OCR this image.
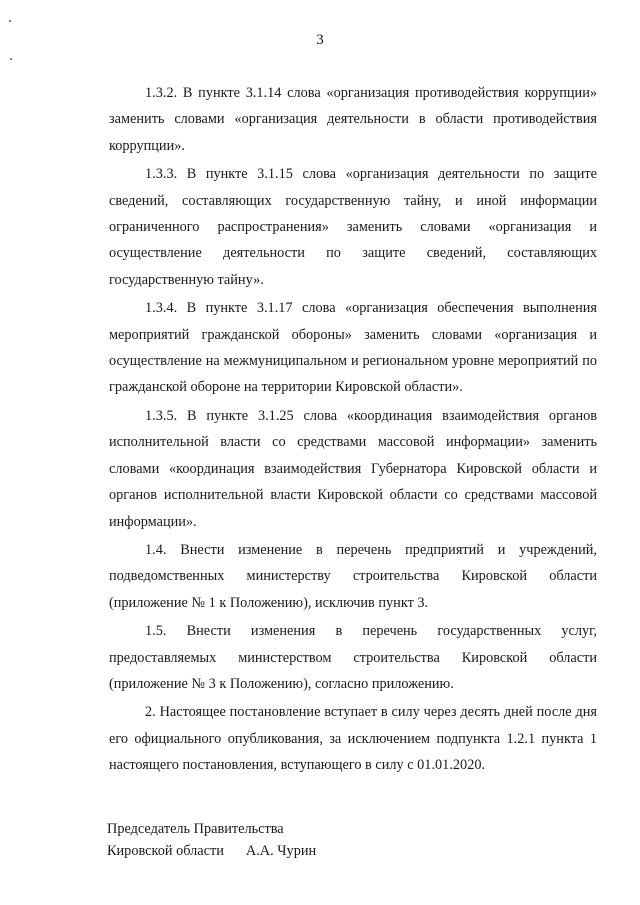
3

1.3.2. В пункте 3.1.14 слова «организация противодействия коррупции» заменить словами «организация деятельности в области противодействия коррупции».

1.3.3. В пункте 3.1.15 слова «организация деятельности по защите сведений, составляющих государственную тайну, и иной информации ограниченного распространения» заменить словами «организация и осуществление деятельности по защите сведений, составляющих государственную тайну».

1.3.4. В пункте 3.1.17 слова «организация обеспечения выполнения мероприятий гражданской обороны» заменить словами «организация и осуществление на межмуниципальном и региональном уровне мероприятий по гражданской обороне на территории Кировской области».

1.3.5. В пункте 3.1.25 слова «координация взаимодействия органов исполнительной власти со средствами массовой информации» заменить словами «координация взаимодействия Губернатора Кировской области и органов исполнительной власти Кировской области со средствами массовой информации».

1.4. Внести изменение в перечень предприятий и учреждений, подведомственных министерству строительства Кировской области (приложение № 1 к Положению), исключив пункт 3.

1.5. Внести изменения в перечень государственных услуг, предоставляемых министерством строительства Кировской области (приложение № 3 к Положению), согласно приложению.

2. Настоящее постановление вступает в силу через десять дней после дня его официального опубликования, за исключением подпункта 1.2.1 пункта 1 настоящего постановления, вступающего в силу с 01.01.2020.

Председатель Правительства
Кировской области А.А. Чурин
